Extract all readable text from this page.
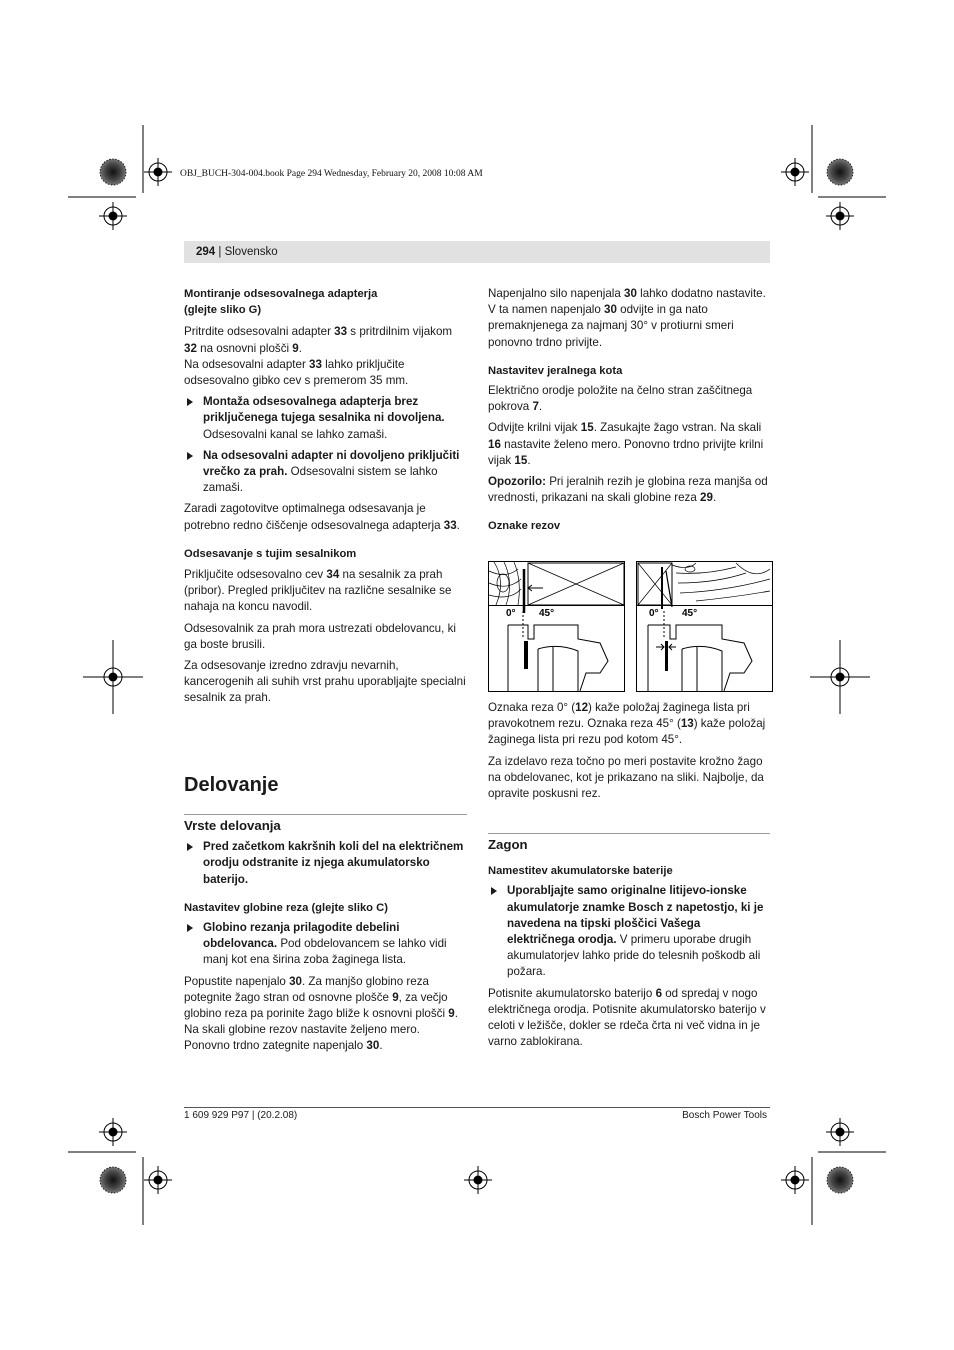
OBJ_BUCH-304-004.book Page 294 Wednesday, February 20, 2008 10:08 AM
294 | Slovensko

Montiranje odsesovalnega adapterja
(glejte sliko G)

Pritrdite odsesovalni adapter 33 s pritrdilnim vijakom 32 na osnovni plošči 9.

Na odsesovalni adapter 33 lahko priključite odsesovalno gibko cev s premerom 35 mm.

Montaža odsesovalnega adapterja brez priključenega tujega sesalnika ni dovoljena. Odsesovalni kanal se lahko zamaši.
Na odsesovalni adapter ni dovoljeno priključiti vrečko za prah. Odsesovalni sistem se lahko zamaši.

Zaradi zagotovitve optimalnega odsesavanja je potrebno redno čiščenje odsesovalnega adapterja 33.

Odsesavanje s tujim sesalnikom

Priključite odsesovalno cev 34 na sesalnik za prah (pribor). Pregled priključitev na različne sesalnike se nahaja na koncu navodil.

Odsesovalnik za prah mora ustrezati obdelovancu, ki ga boste brusili.

Za odsesovanje izredno zdravju nevarnih, kancerogenih ali suhih vrst prahu uporabljajte specialni sesalnik za prah.

Delovanje

Vrste delovanja

Pred začetkom kakršnih koli del na električnem orodju odstranite iz njega akumulatorsko baterijo.

Nastavitev globine reza (glejte sliko C)

Globino rezanja prilagodite debelini obdelovanca. Pod obdelovancem se lahko vidi manj kot ena širina zoba žaginega lista.

Popustite napenjalo 30. Za manjšo globino reza potegnite žago stran od osnovne plošče 9, za večjo globino reza pa porinite žago bliže k osnovni plošči 9. Na skali globine rezov nastavite željeno mero. Ponovno trdno zategnite napenjalo 30.

Napenjalno silo napenjala 30 lahko dodatno nastavite. V ta namen napenjalo 30 odvijte in ga nato premaknjenega za najmanj 30° v protiurni smeri ponovno trdno privijte.

Nastavitev jeralnega kota

Električno orodje položite na čelno stran zaščitnega pokrova 7.

Odvijte krilni vijak 15. Zasukajte žago vstran. Na skali 16 nastavite želeno mero. Ponovno trdno privijte krilni vijak 15.

Opozorilo: Pri jeralnih rezih je globina reza manjša od vrednosti, prikazani na skali globine reza 29.

Oznake rezov

0° 45°	0° 45°

Oznaka reza 0° (12) kaže položaj žaginega lista pri pravokotnem rezu. Oznaka reza 45° (13) kaže položaj žaginega lista pri rezu pod kotom 45°.

Za izdelavo reza točno po meri postavite krožno žago na obdelovanec, kot je prikazano na sliki. Najbolje, da opravite poskusni rez.

Zagon

Namestitev akumulatorske baterije

Uporabljajte samo originalne litijevo-ionske akumulatorje znamke Bosch z napetostjo, ki je navedena na tipski ploščici Vašega električnega orodja. V primeru uporabe drugih akumulatorjev lahko pride do telesnih poškodb ali požara.

Potisnite akumulatorsko baterijo 6 od spredaj v nogo električnega orodja. Potisnite akumulatorsko baterijo v celoti v ležišče, dokler se rdeča črta ni več vidna in je varno zablokirana.

1 609 929 P97 | (20.2.08)	Bosch Power Tools
